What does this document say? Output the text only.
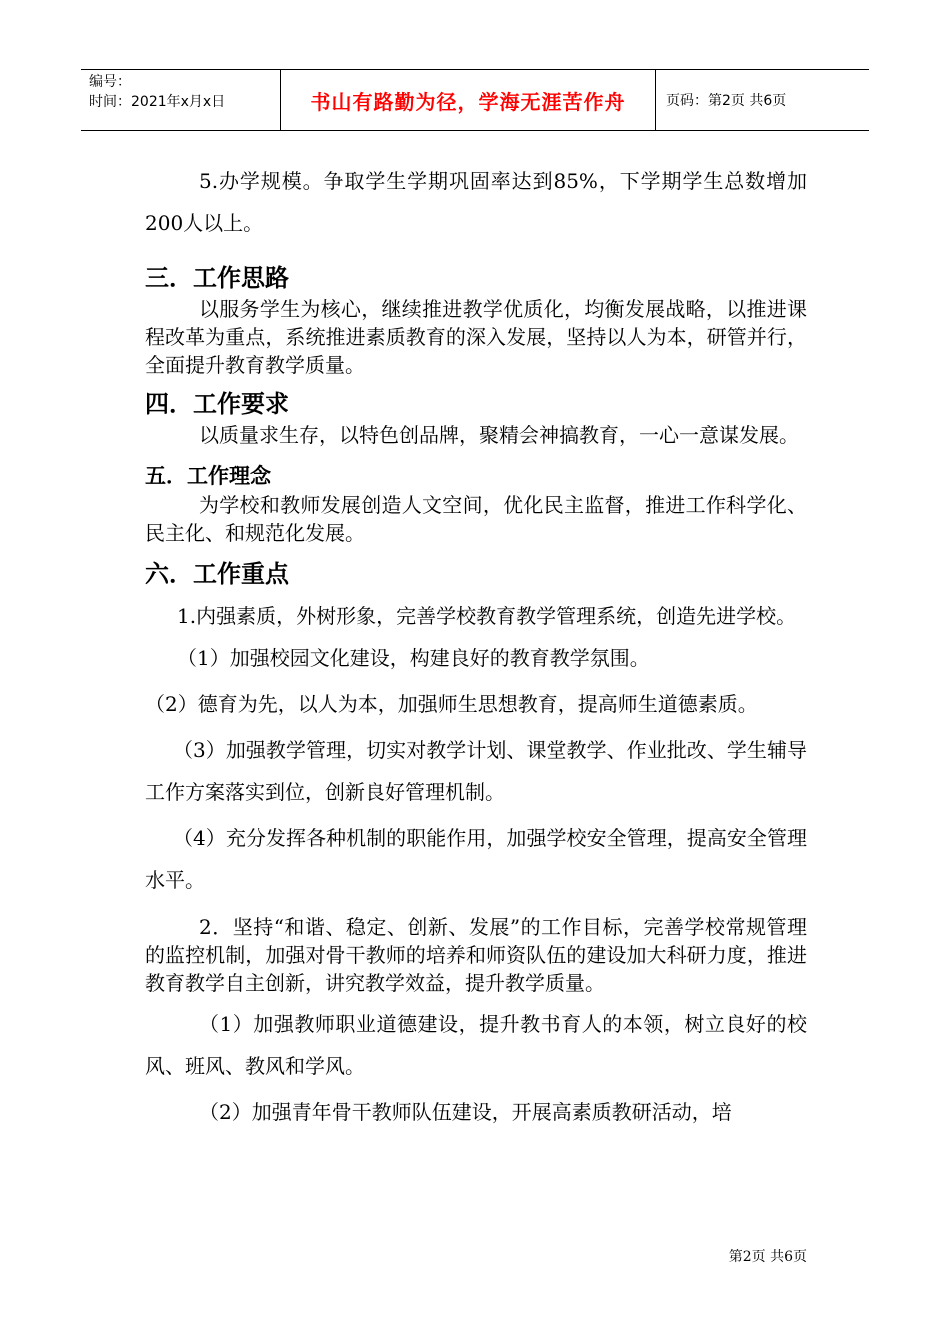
编号：
时间：2021年x月x日	书山有路勤为径，学海无涯苦作舟	页码：第2页 共6页

5.办学规模。争取学生学期巩固率达到85%，下学期学生总数增加200人以上。

三．工作思路

以服务学生为核心，继续推进教学优质化，均衡发展战略，以推进课程改革为重点，系统推进素质教育的深入发展，坚持以人为本，研管并行，全面提升教育教学质量。

四．工作要求

以质量求生存，以特色创品牌，聚精会神搞教育，一心一意谋发展。

五．工作理念

为学校和教师发展创造人文空间，优化民主监督，推进工作科学化、民主化、和规范化发展。

六．工作重点

1.内强素质，外树形象，完善学校教育教学管理系统，创造先进学校。

（1）加强校园文化建设，构建良好的教育教学氛围。

（2）德育为先，以人为本，加强师生思想教育，提高师生道德素质。

（3）加强教学管理，切实对教学计划、课堂教学、作业批改、学生辅导工作方案落实到位，创新良好管理机制。

（4）充分发挥各种机制的职能作用，加强学校安全管理，提高安全管理水平。

2．坚持“和谐、稳定、创新、发展”的工作目标，完善学校常规管理的监控机制，加强对骨干教师的培养和师资队伍的建设加大科研力度，推进教育教学自主创新，讲究教学效益，提升教学质量。

（1）加强教师职业道德建设，提升教书育人的本领，树立良好的校风、班风、教风和学风。

（2）加强青年骨干教师队伍建设，开展高素质教研活动，培

第2页 共6页
